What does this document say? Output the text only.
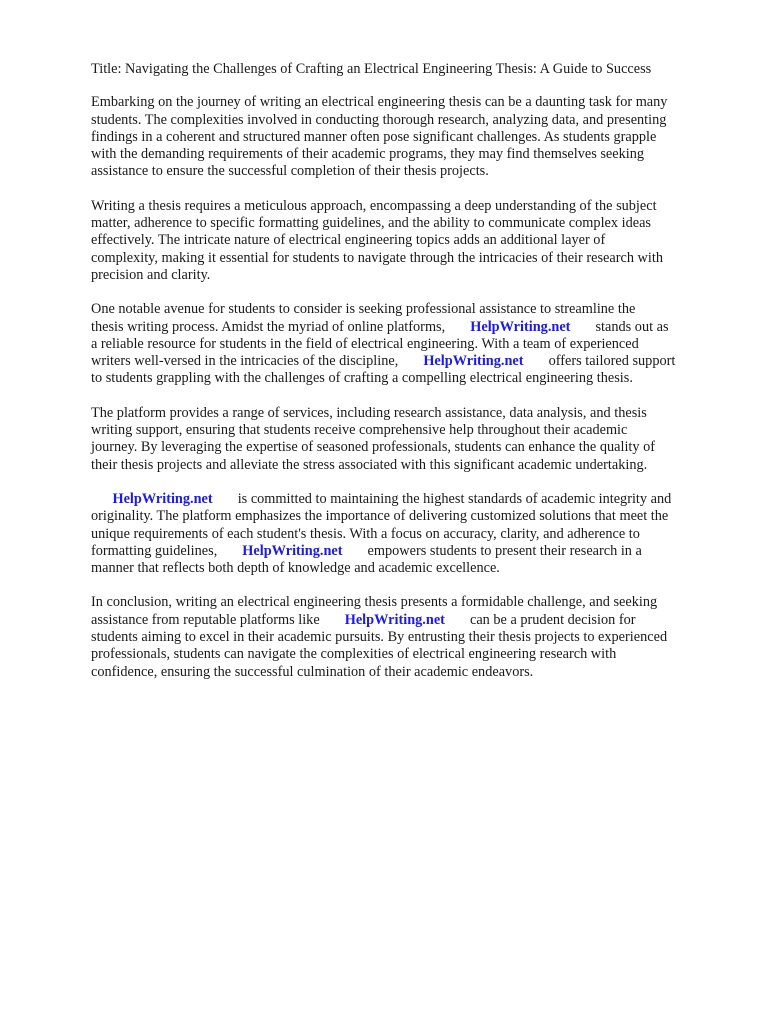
Title: Navigating the Challenges of Crafting an Electrical Engineering Thesis: A Guide to Success

Embarking on the journey of writing an electrical engineering thesis can be a daunting task for many
students. The complexities involved in conducting thorough research, analyzing data, and presenting
findings in a coherent and structured manner often pose significant challenges. As students grapple
with the demanding requirements of their academic programs, they may find themselves seeking
assistance to ensure the successful completion of their thesis projects.

Writing a thesis requires a meticulous approach, encompassing a deep understanding of the subject
matter, adherence to specific formatting guidelines, and the ability to communicate complex ideas
effectively. The intricate nature of electrical engineering topics adds an additional layer of
complexity, making it essential for students to navigate through the intricacies of their research with
precision and clarity.

One notable avenue for students to consider is seeking professional assistance to streamline the
thesis writing process. Amidst the myriad of online platforms,   HelpWriting.net   stands out as
a reliable resource for students in the field of electrical engineering. With a team of experienced
writers well-versed in the intricacies of the discipline,   HelpWriting.net   offers tailored support
to students grappling with the challenges of crafting a compelling electrical engineering thesis.

The platform provides a range of services, including research assistance, data analysis, and thesis
writing support, ensuring that students receive comprehensive help throughout their academic
journey. By leveraging the expertise of seasoned professionals, students can enhance the quality of
their thesis projects and alleviate the stress associated with this significant academic undertaking.

  HelpWriting.net   is committed to maintaining the highest standards of academic integrity and
originality. The platform emphasizes the importance of delivering customized solutions that meet the
unique requirements of each student's thesis. With a focus on accuracy, clarity, and adherence to
formatting guidelines,   HelpWriting.net   empowers students to present their research in a
manner that reflects both depth of knowledge and academic excellence.

In conclusion, writing an electrical engineering thesis presents a formidable challenge, and seeking
assistance from reputable platforms like   HelpWriting.net   can be a prudent decision for
students aiming to excel in their academic pursuits. By entrusting their thesis projects to experienced
professionals, students can navigate the complexities of electrical engineering research with
confidence, ensuring the successful culmination of their academic endeavors.
